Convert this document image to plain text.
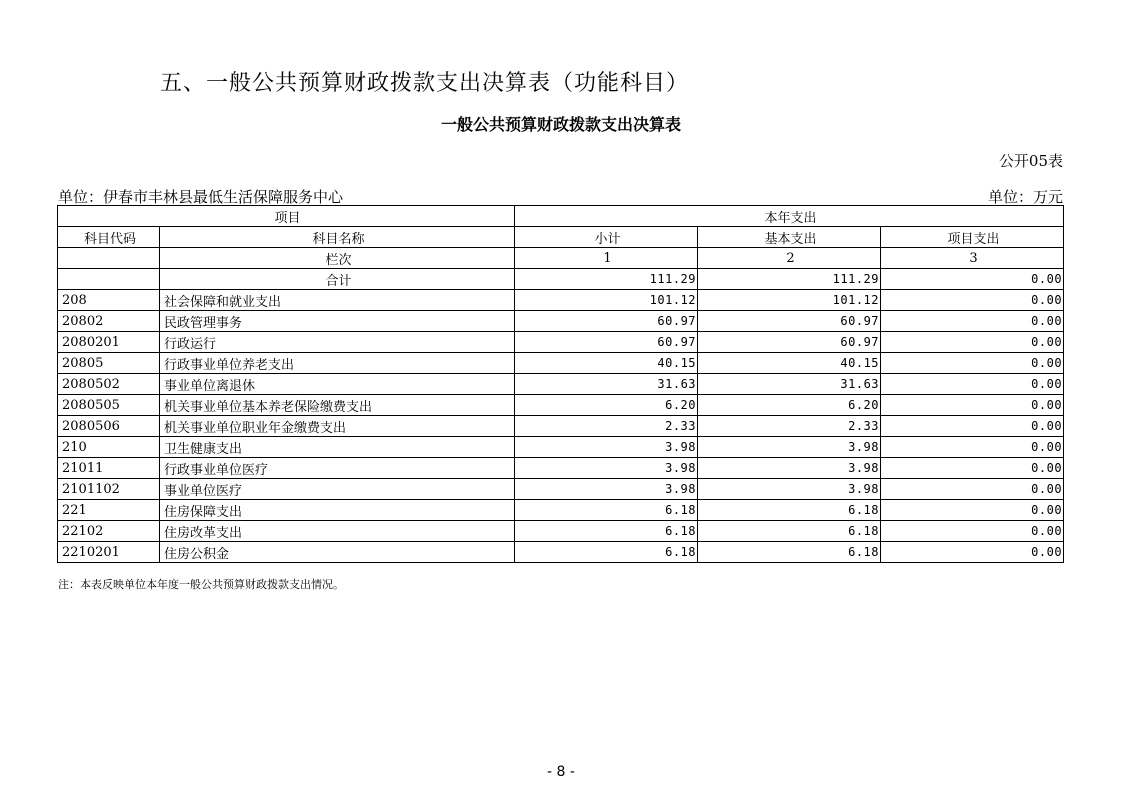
五、一般公共预算财政拨款支出决算表（功能科目）
一般公共预算财政拨款支出决算表
公开05表
单位：伊春市丰林县最低生活保障服务中心	单位：万元
项目		本年支出		
科目代码	科目名称	小计	基本支出	项目支出
	栏次	1	2	3
	合计	111.29	111.29	0.00
208	社会保障和就业支出	101.12	101.12	0.00
20802	民政管理事务	60.97	60.97	0.00
2080201	行政运行	60.97	60.97	0.00
20805	行政事业单位养老支出	40.15	40.15	0.00
2080502	事业单位离退休	31.63	31.63	0.00
2080505	机关事业单位基本养老保险缴费支出	6.20	6.20	0.00
2080506	机关事业单位职业年金缴费支出	2.33	2.33	0.00
210	卫生健康支出	3.98	3.98	0.00
21011	行政事业单位医疗	3.98	3.98	0.00
2101102	事业单位医疗	3.98	3.98	0.00
221	住房保障支出	6.18	6.18	0.00
22102	住房改革支出	6.18	6.18	0.00
2210201	住房公积金	6.18	6.18	0.00
注：本表反映单位本年度一般公共预算财政拨款支出情况。
- 8 -
